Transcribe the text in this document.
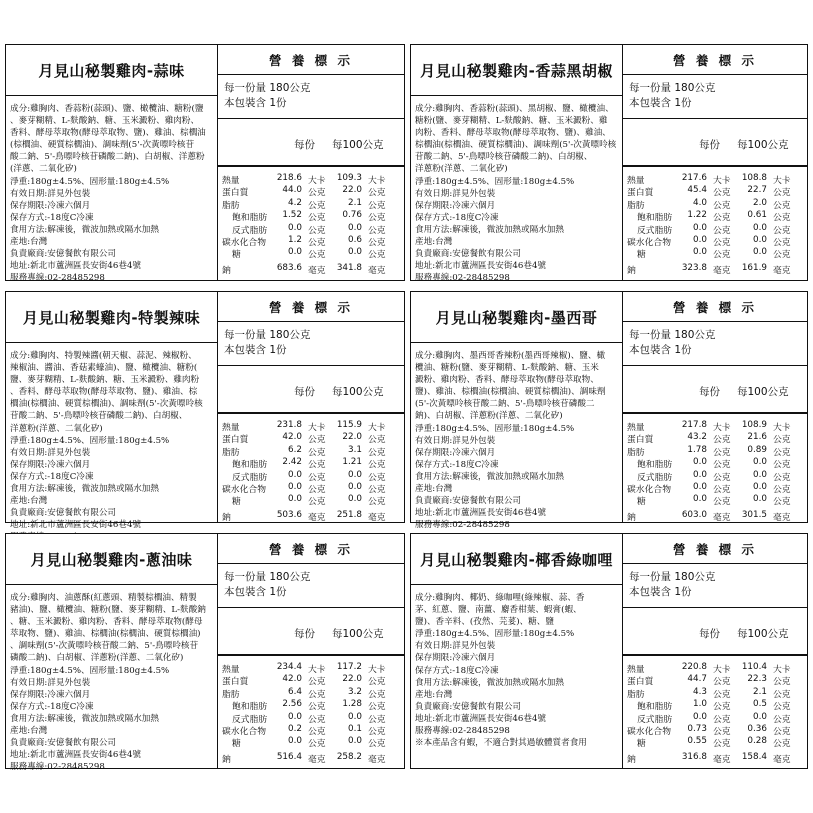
月見山秘製雞肉-蒜味
成分:雞胸肉、香蒜粉(蒜頭)、鹽、橄欖油、糖粉(鹽
、麥芽糊精、L-麩酸鈉、糖、玉米澱粉、雞肉粉、
香料、酵母萃取物(酵母萃取物、鹽)、雞油、棕櫚油
(棕櫚油、硬質棕櫚油)、調味劑(5'-次黃嘌呤核苷
酸二鈉、5'-鳥嘌呤核苷磷酸二鈉)、白胡椒、洋蔥粉
(洋蔥、二氧化矽)
淨重:180g±4.5%、固形量:180g±4.5%
有效日期:詳見外包裝
保存期限:冷凍六個月
保存方式:-18度C冷凍
食用方法:解凍後，微波加熱或隔水加熱
產地:台灣
負責廠商:安億餐飲有限公司
地址:新北市蘆洲區長安街46巷4號
服務專線:02-28485298
營 養 標 示
每一份量 180公克
本包裝含 1份
每份 每100公克
熱量	218.6 大卡	109.3 大卡
蛋白質	44.0 公克	22.0 公克
脂肪	4.2 公克	2.1 公克
飽和脂肪	1.52 公克	0.76 公克
反式脂肪	0.0 公克	0.0 公克
碳水化合物	1.2 公克	0.6 公克
糖	0.0 公克	0.0 公克
鈉	683.6 毫克	341.8 毫克
月見山秘製雞肉-香蒜黑胡椒
成分:雞胸肉、香蒜粉(蒜頭)、黑胡椒、鹽、橄欖油、
糖粉(鹽、麥芽糊精、L-麩酸鈉、糖、玉米澱粉、雞
肉粉、香料、酵母萃取物(酵母萃取物、鹽)、雞油、
棕櫚油(棕櫚油、硬質棕櫚油)、調味劑(5'-次黃嘌呤核
苷酸二鈉、5'-鳥嘌呤核苷磷酸二鈉)、白胡椒、
洋蔥粉(洋蔥、二氧化矽)
淨重:180g±4.5%、固形量:180g±4.5%
有效日期:詳見外包裝
保存期限:冷凍六個月
保存方式:-18度C冷凍
食用方法:解凍後，微波加熱或隔水加熱
產地:台灣
負責廠商:安億餐飲有限公司
地址:新北市蘆洲區長安街46巷4號
服務專線:02-28485298
營 養 標 示
每一份量 180公克
本包裝含 1份
每份 每100公克
熱量	217.6 大卡	108.8 大卡
蛋白質	45.4 公克	22.7 公克
脂肪	4.0 公克	2.0 公克
飽和脂肪	1.22 公克	0.61 公克
反式脂肪	0.0 公克	0.0 公克
碳水化合物	0.0 公克	0.0 公克
糖	0.0 公克	0.0 公克
鈉	323.8 毫克	161.9 毫克
月見山秘製雞肉-特製辣味
成分:雞胸肉、特製辣醬(朝天椒、蒜泥、辣椒粉、
辣椒油、醬油、香菇素蠔油)、鹽、橄欖油、糖粉(
鹽、麥芽糊精、L-麩酸鈉、糖、玉米澱粉、雞肉粉
、香料、酵母萃取物(酵母萃取物、鹽)、雞油、棕
櫚油(棕櫚油、硬質棕櫚油)、調味劑(5'-次黃嘌呤核
苷酸二鈉、5'-鳥嘌呤核苷磷酸二鈉)、白胡椒、
洋蔥粉(洋蔥、二氧化矽)
淨重:180g±4.5%、固形量:180g±4.5%
有效日期:詳見外包裝
保存期限:冷凍六個月
保存方式:-18度C冷凍
食用方法:解凍後，微波加熱或隔水加熱
產地:台灣
負責廠商:安億餐飲有限公司
地址:新北市蘆洲區長安街46巷4號
營 養 標 示
每一份量 180公克
本包裝含 1份
每份 每100公克
熱量	231.8 大卡	115.9 大卡
蛋白質	42.0 公克	22.0 公克
脂肪	6.2 公克	3.1 公克
飽和脂肪	2.42 公克	1.21 公克
反式脂肪	0.0 公克	0.0 公克
碳水化合物	0.0 公克	0.0 公克
糖	0.0 公克	0.0 公克
鈉	503.6 毫克	251.8 毫克
月見山秘製雞肉-墨西哥
成分:雞胸肉、墨西哥香辣粉(墨西哥辣椒)、鹽、橄
欖油、糖粉(鹽、麥芽糊精、L-麩酸鈉、糖、玉米
澱粉、雞肉粉、香料、酵母萃取物(酵母萃取物、
鹽)、雞油、棕櫚油(棕櫚油、硬質棕櫚油)、調味劑
(5'-次黃嘌呤核苷酸二鈉、5'-鳥嘌呤核苷磷酸二
鈉)、白胡椒、洋蔥粉(洋蔥、二氧化矽)
淨重:180g±4.5%、固形量:180g±4.5%
有效日期:詳見外包裝
保存期限:冷凍六個月
保存方式:-18度C冷凍
食用方法:解凍後，微波加熱或隔水加熱
產地:台灣
負責廠商:安億餐飲有限公司
地址:新北市蘆洲區長安街46巷4號
服務專線:02-28485298
營 養 標 示
每一份量 180公克
本包裝含 1份
每份 每100公克
熱量	217.8 大卡	108.9 大卡
蛋白質	43.2 公克	21.6 公克
脂肪	1.78 公克	0.89 公克
飽和脂肪	0.0 公克	0.0 公克
反式脂肪	0.0 公克	0.0 公克
碳水化合物	0.0 公克	0.0 公克
糖	0.0 公克	0.0 公克
鈉	603.0 毫克	301.5 毫克
月見山秘製雞肉-蔥油味
成分:雞胸肉、油蔥酥(紅蔥頭、精製棕櫚油、精製
豬油)、鹽、橄欖油、糖粉(鹽、麥芽糊精、L-麩酸鈉
、糖、玉米澱粉、雞肉粉、香料、酵母萃取物(酵母
萃取物、鹽)、雞油、棕櫚油(棕櫚油、硬質棕櫚油)
、調味劑(5'-次黃嘌呤核苷酸二鈉、5'-鳥嘌呤核苷
磷酸二鈉)、白胡椒、洋蔥粉(洋蔥、二氧化矽)
淨重:180g±4.5%、固形量:180g±4.5%
有效日期:詳見外包裝
保存期限:冷凍六個月
保存方式:-18度C冷凍
食用方法:解凍後，微波加熱或隔水加熱
產地:台灣
負責廠商:安億餐飲有限公司
地址:新北市蘆洲區長安街46巷4號
服務專線:02-28485298
營 養 標 示
每一份量 180公克
本包裝含 1份
每份 每100公克
熱量	234.4 大卡	117.2 大卡
蛋白質	42.0 公克	22.0 公克
脂肪	6.4 公克	3.2 公克
飽和脂肪	2.56 公克	1.28 公克
反式脂肪	0.0 公克	0.0 公克
碳水化合物	0.2 公克	0.1 公克
糖	0.0 公克	0.0 公克
鈉	516.4 毫克	258.2 毫克
月見山秘製雞肉-椰香綠咖哩
成分:雞胸肉、椰奶、綠咖哩(綠辣椒、蒜、香
茅、紅蔥、鹽、南薑、麝香柑葉、蝦膏(蝦、
鹽)、香辛料、(孜然、芫荽)、糖、鹽
淨重:180g±4.5%、固形量:180g±4.5%
有效日期:詳見外包裝
保存期限:冷凍六個月
保存方式:-18度C冷凍
食用方法:解凍後，微波加熱或隔水加熱
產地:台灣
負責廠商:安億餐飲有限公司
地址:新北市蘆洲區長安街46巷4號
服務專線:02-28485298
※本產品含有蝦，不適合對其過敏體質者食用
營 養 標 示
每一份量 180公克
本包裝含 1份
每份 每100公克
熱量	220.8 大卡	110.4 大卡
蛋白質	44.7 公克	22.3 公克
脂肪	4.3 公克	2.1 公克
飽和脂肪	1.0 公克	0.5 公克
反式脂肪	0.0 公克	0.0 公克
碳水化合物	0.73 公克	0.36 公克
糖	0.55 公克	0.28 公克
鈉	316.8 毫克	158.4 毫克
